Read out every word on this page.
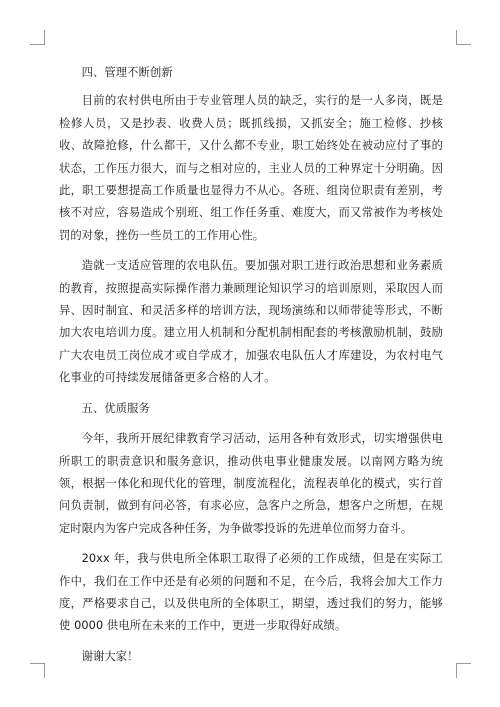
四、管理不断创新

目前的农村供电所由于专业管理人员的缺乏，实行的是一人多岗，既是检修人员，又是抄表、收费人员；既抓线损，又抓安全；施工检修、抄核收、故障抢修，什么都干，又什么都不专业，职工始终处在被动应付了事的状态，工作压力很大，而与之相对应的，主业人员的工种界定十分明确。因此，职工要想提高工作质量也显得力不从心。各班、组岗位职责有差别，考核不对应，容易造成个别班、组工作任务重、难度大，而又常被作为考核处罚的对象，挫伤一些员工的工作用心性。

造就一支适应管理的农电队伍。要加强对职工进行政治思想和业务素质的教育，按照提高实际操作潜力兼顾理论知识学习的培训原则，采取因人而异、因时制宜、和灵活多样的培训方法，现场演练和以师带徒等形式，不断加大农电培训力度。建立用人机制和分配机制相配套的考核激励机制，鼓励广大农电员工岗位成才或自学成才，加强农电队伍人才库建设，为农村电气化事业的可持续发展储备更多合格的人才。

五、优质服务

今年，我所开展纪律教育学习活动，运用各种有效形式，切实增强供电所职工的职责意识和服务意识，推动供电事业健康发展。以南网方略为统领，根据一体化和现代化的管理，制度流程化，流程表单化的模式，实行首问负责制，做到有问必答，有求必应，急客户之所急，想客户之所想，在规定时限内为客户完成各种任务，为争做零投诉的先进单位而努力奋斗。

20xx 年，我与供电所全体职工取得了必须的工作成绩，但是在实际工作中，我们在工作中还是有必须的问题和不足，在今后，我将会加大工作力度，严格要求自己，以及供电所的全体职工，期望，透过我们的努力，能够使 0000 供电所在未来的工作中，更进一步取得好成绩。

谢谢大家！
